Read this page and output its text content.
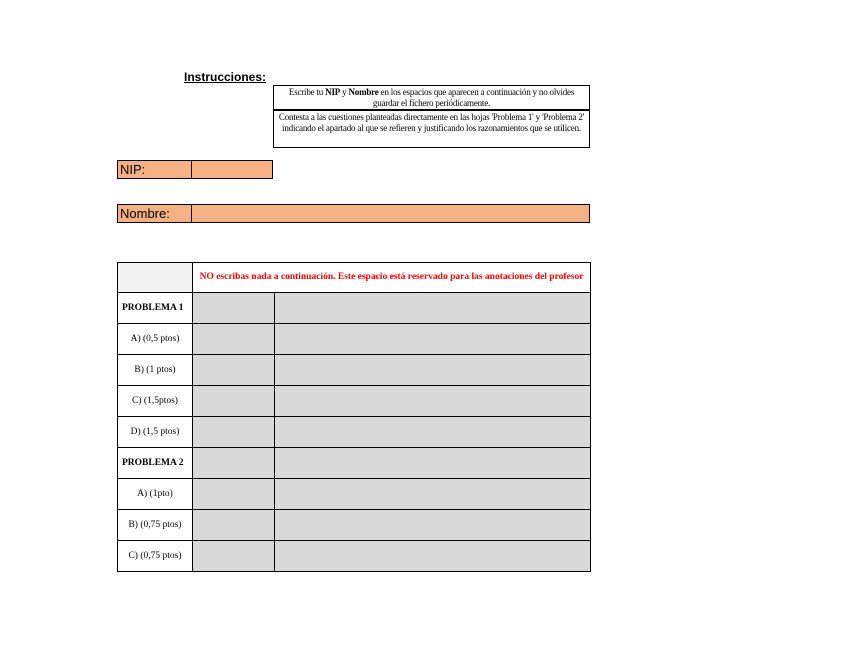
Instrucciones:
Escribe tu NIP y Nombre en los espacios que aparecen a continuación y no olvides guardar el fichero periódicamente.
Contesta a las cuestiones planteadas directamente en las hojas 'Problema 1' y 'Problema 2' indicando el apartado al que se refieren y justificando los razonamientos que se utilicen.
NIP:
Nombre:
	NO escribas nada a continuación. Este espacio está reservado para las anotaciones del profesor	
PROBLEMA 1		
A) (0,5 ptos)		
B) (1 ptos)		
C) (1,5ptos)		
D) (1,5 ptos)		
PROBLEMA 2		
A) (1pto)		
B) (0,75 ptos)		
C) (0,75 ptos)		
